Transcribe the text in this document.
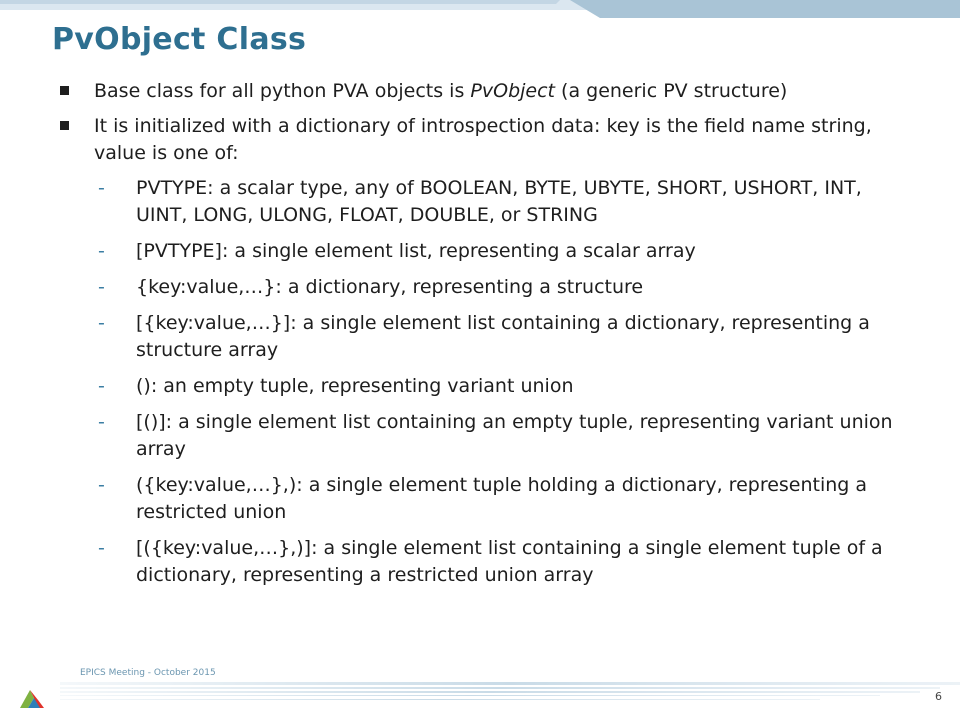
PvObject Class
Base class for all python PVA objects is PvObject (a generic PV structure)
It is initialized with a dictionary of introspection data: key is the field name string, value is one of:
- PVTYPE: a scalar type, any of BOOLEAN, BYTE, UBYTE, SHORT, USHORT, INT, UINT, LONG, ULONG, FLOAT, DOUBLE, or STRING
- [PVTYPE]: a single element list, representing a scalar array
- {key:value,…}: a dictionary, representing a structure
- [{key:value,…}]: a single element list containing a dictionary, representing a structure array
- (): an empty tuple, representing variant union
- [()]: a single element list containing an empty tuple, representing variant union array
- ({key:value,…},): a single element tuple holding a dictionary, representing a restricted union
- [({key:value,…},)]: a single element list containing a single element tuple of a dictionary, representing a restricted union array
EPICS Meeting - October 2015
6
